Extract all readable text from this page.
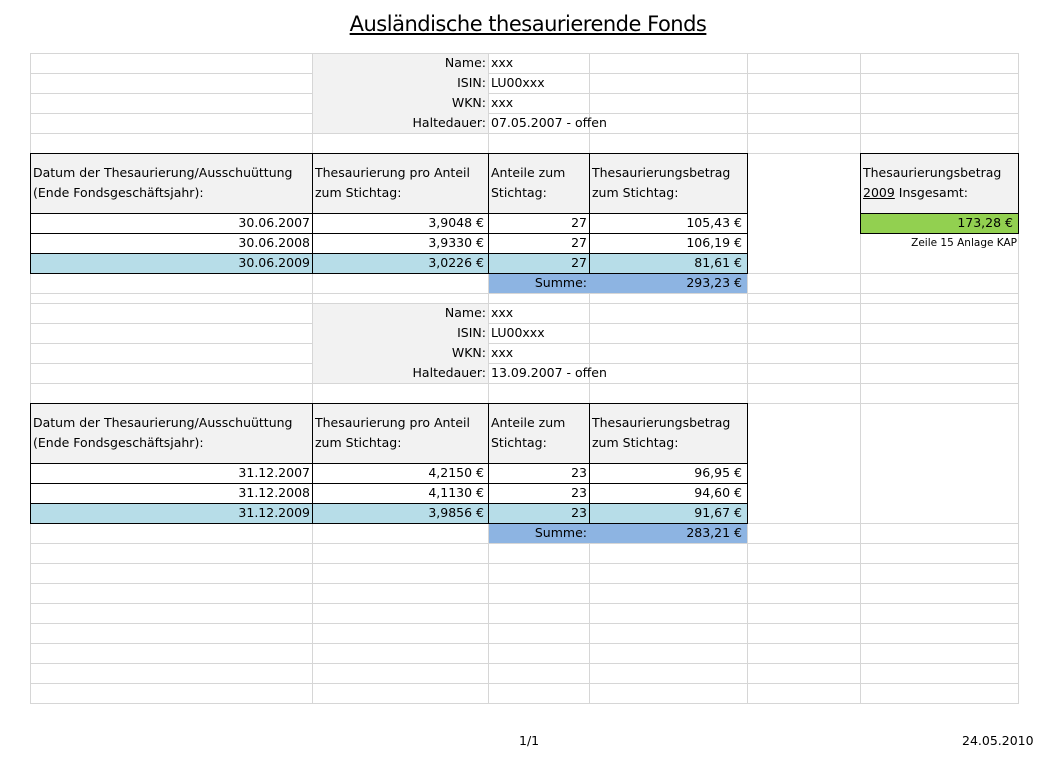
Ausländische thesaurierende Fonds
Name: xxx
ISIN: LU00xxx
WKN: xxx
Haltedauer: 07.05.2007 - offen
Datum der Thesaurierung/Ausschuüttung (Ende Fondsgeschäftsjahr):
Thesaurierung pro Anteil zum Stichtag:
Anteile zum Stichtag:
Thesaurierungsbetrag zum Stichtag:
30.06.2007	3,9048 €	27	105,43 €
30.06.2008	3,9330 €	27	106,19 €
30.06.2009	3,0226 €	27	81,61 €
Summe:	293,23 €
Thesaurierungsbetrag
2009 Insgesamt:
173,28 €
Zeile 15 Anlage KAP
Name: xxx
ISIN: LU00xxx
WKN: xxx
Haltedauer: 13.09.2007 - offen
Datum der Thesaurierung/Ausschuüttung (Ende Fondsgeschäftsjahr):
Thesaurierung pro Anteil zum Stichtag:
Anteile zum Stichtag:
Thesaurierungsbetrag zum Stichtag:
31.12.2007	4,2150 €	23	96,95 €
31.12.2008	4,1130 €	23	94,60 €
31.12.2009	3,9856 €	23	91,67 €
Summe:	283,21 €
1/1	24.05.2010
